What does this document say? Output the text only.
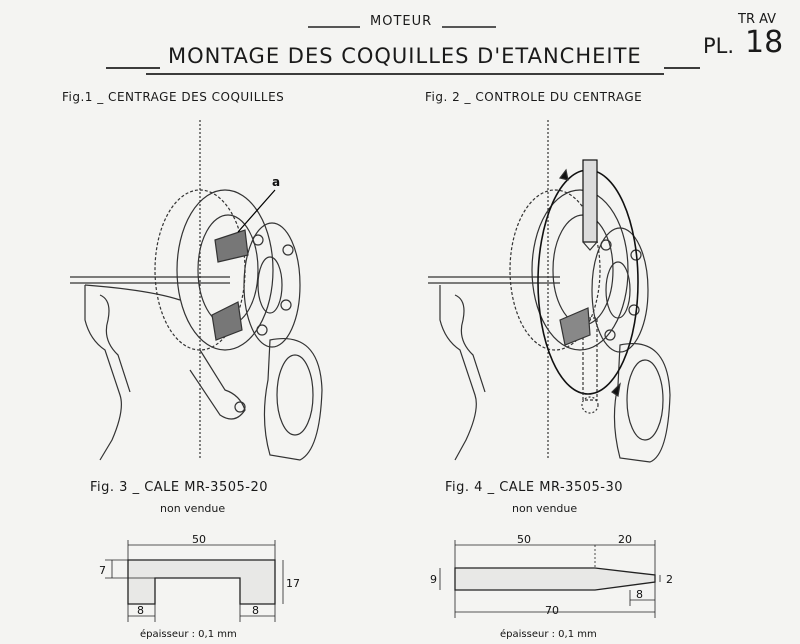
MOTEUR
MONTAGE DES COQUILLES D'ETANCHEITE
TR AV
PL. 18
Fig.1 _ CENTRAGE DES COQUILLES
a
Fig. 2 _ CONTROLE DU CENTRAGE
Fig. 3 _ CALE MR-3505-20
non vendue
50
7
17
8	8
épaisseur : 0,1 mm
Fig. 4 _ CALE MR-3505-30
50	20
9	2
8
70
épaisseur : 0,1 mm
non vendue
